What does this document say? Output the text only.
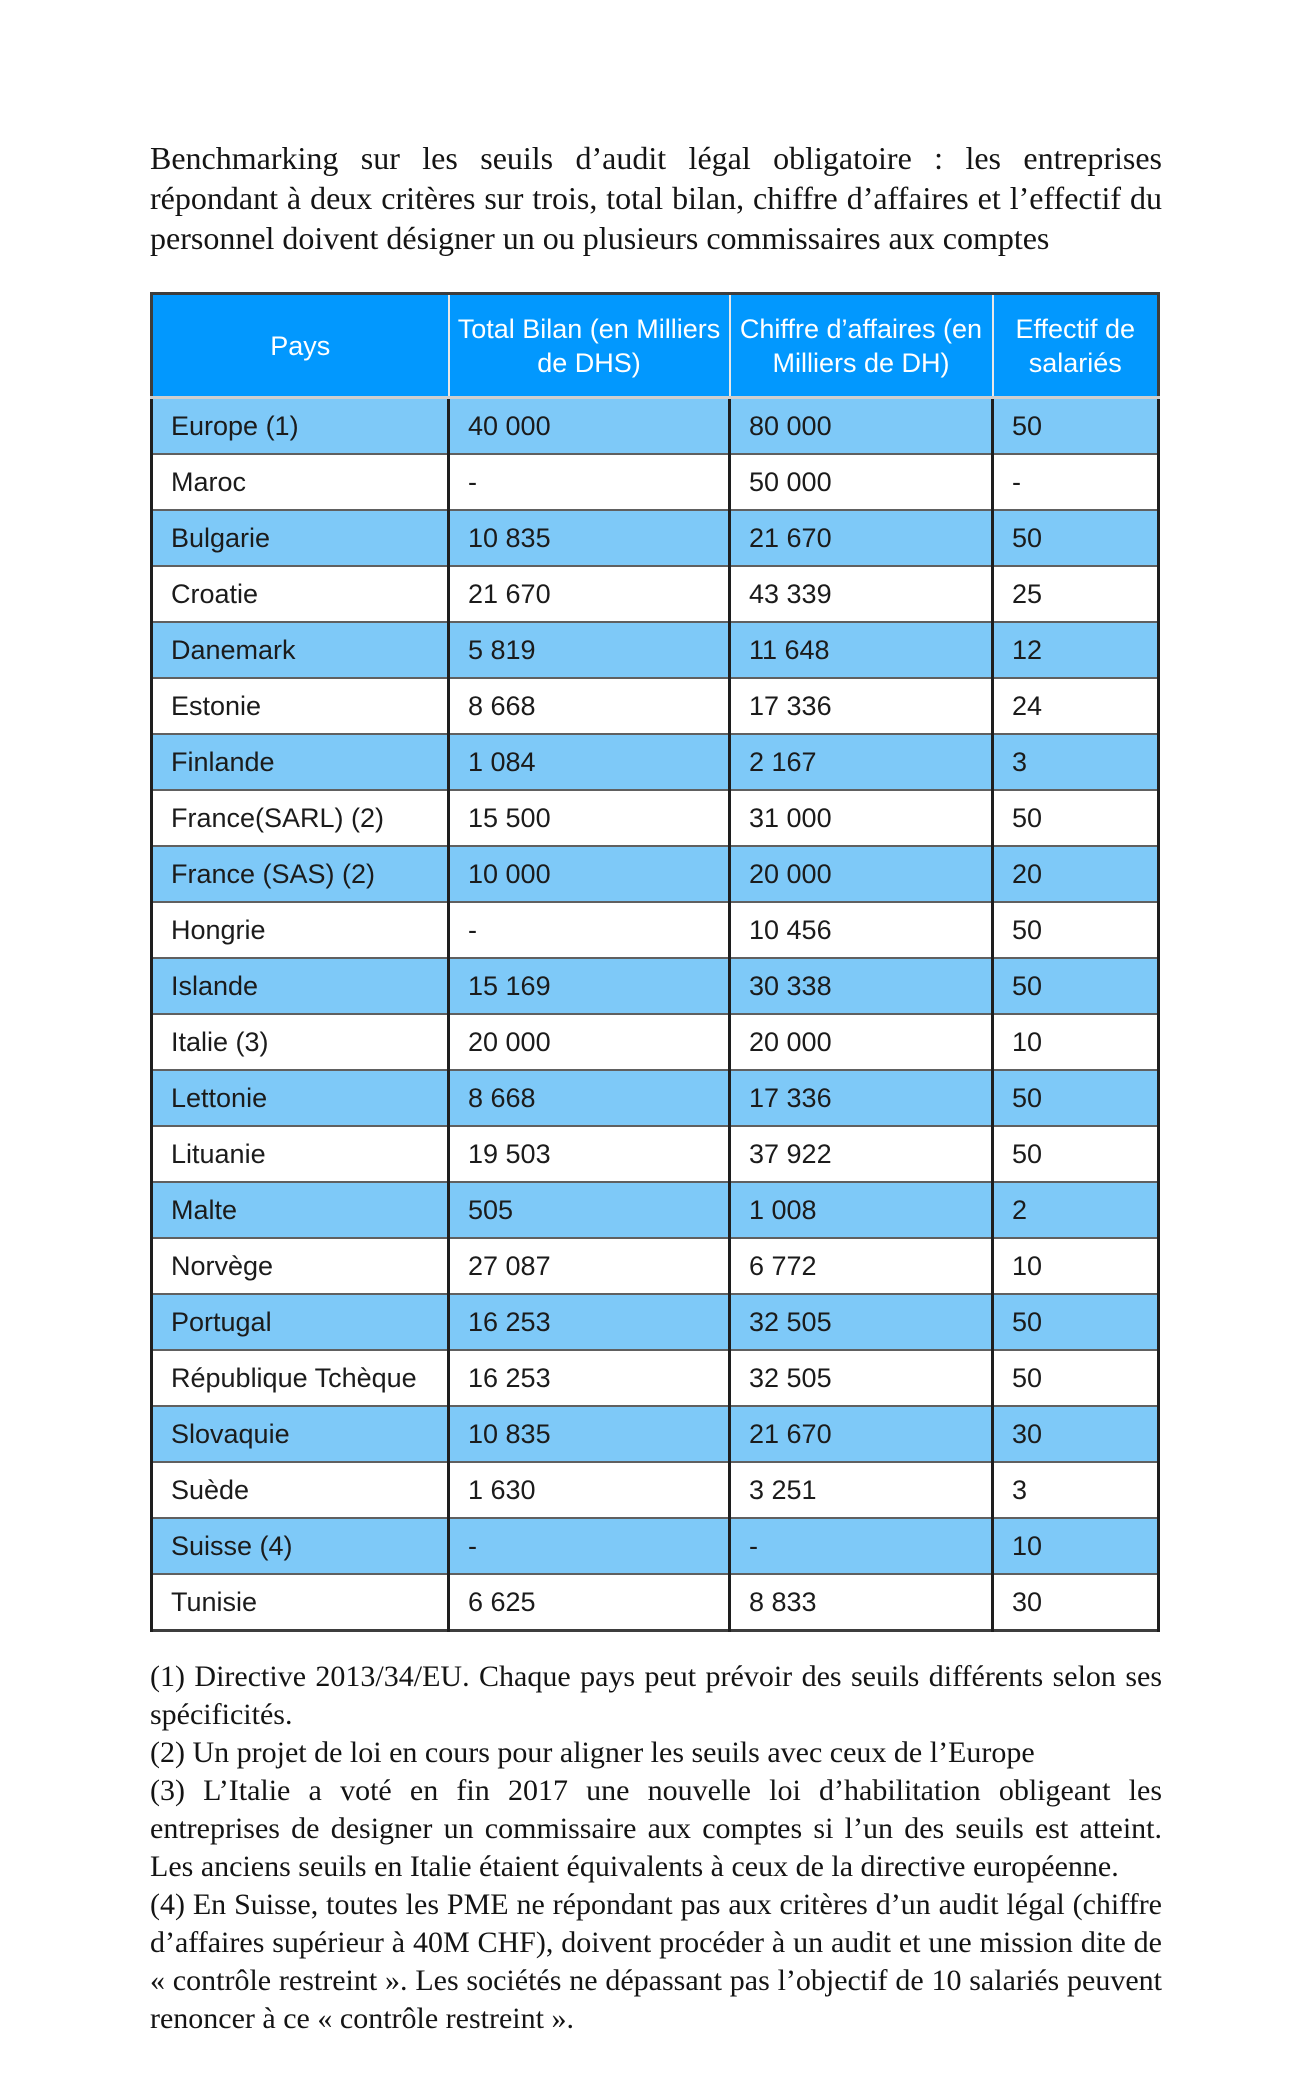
Benchmarking sur les seuils d’audit légal obligatoire : les entreprises répondant à deux critères sur trois, total bilan, chiffre d’affaires et l’effectif du personnel doivent désigner un ou plusieurs commissaires aux comptes

Pays	Total Bilan (en Milliers de DHS)	Chiffre d’affaires (en Milliers de DH)	Effectif de salariés
Europe (1)	40 000	80 000	50
Maroc	-	50 000	-
Bulgarie	10 835	21 670	50
Croatie	21 670	43 339	25
Danemark	5 819	11 648	12
Estonie	8 668	17 336	24
Finlande	1 084	2 167	3
France(SARL) (2)	15 500	31 000	50
France (SAS) (2)	10 000	20 000	20
Hongrie	-	10 456	50
Islande	15 169	30 338	50
Italie (3)	20 000	20 000	10
Lettonie	8 668	17 336	50
Lituanie	19 503	37 922	50
Malte	505	1 008	2
Norvège	27 087	6 772	10
Portugal	16 253	32 505	50
République Tchèque	16 253	32 505	50
Slovaquie	10 835	21 670	30
Suède	1 630	3 251	3
Suisse (4)	-	-	10
Tunisie	6 625	8 833	30

(1) Directive 2013/34/EU. Chaque pays peut prévoir des seuils différents selon ses spécificités.

(2) Un projet de loi en cours pour aligner les seuils avec ceux de l’Europe

(3) L’Italie a voté en fin 2017 une nouvelle loi d’habilitation obligeant les entreprises de designer un commissaire aux comptes si l’un des seuils est atteint. Les anciens seuils en Italie étaient équivalents à ceux de la directive européenne.

(4) En Suisse, toutes les PME ne répondant pas aux critères d’un audit légal (chiffre d’affaires supérieur à 40M CHF), doivent procéder à un audit et une mission dite de « contrôle restreint ». Les sociétés ne dépassant pas l’objectif de 10 salariés peuvent renoncer à ce « contrôle restreint ».
